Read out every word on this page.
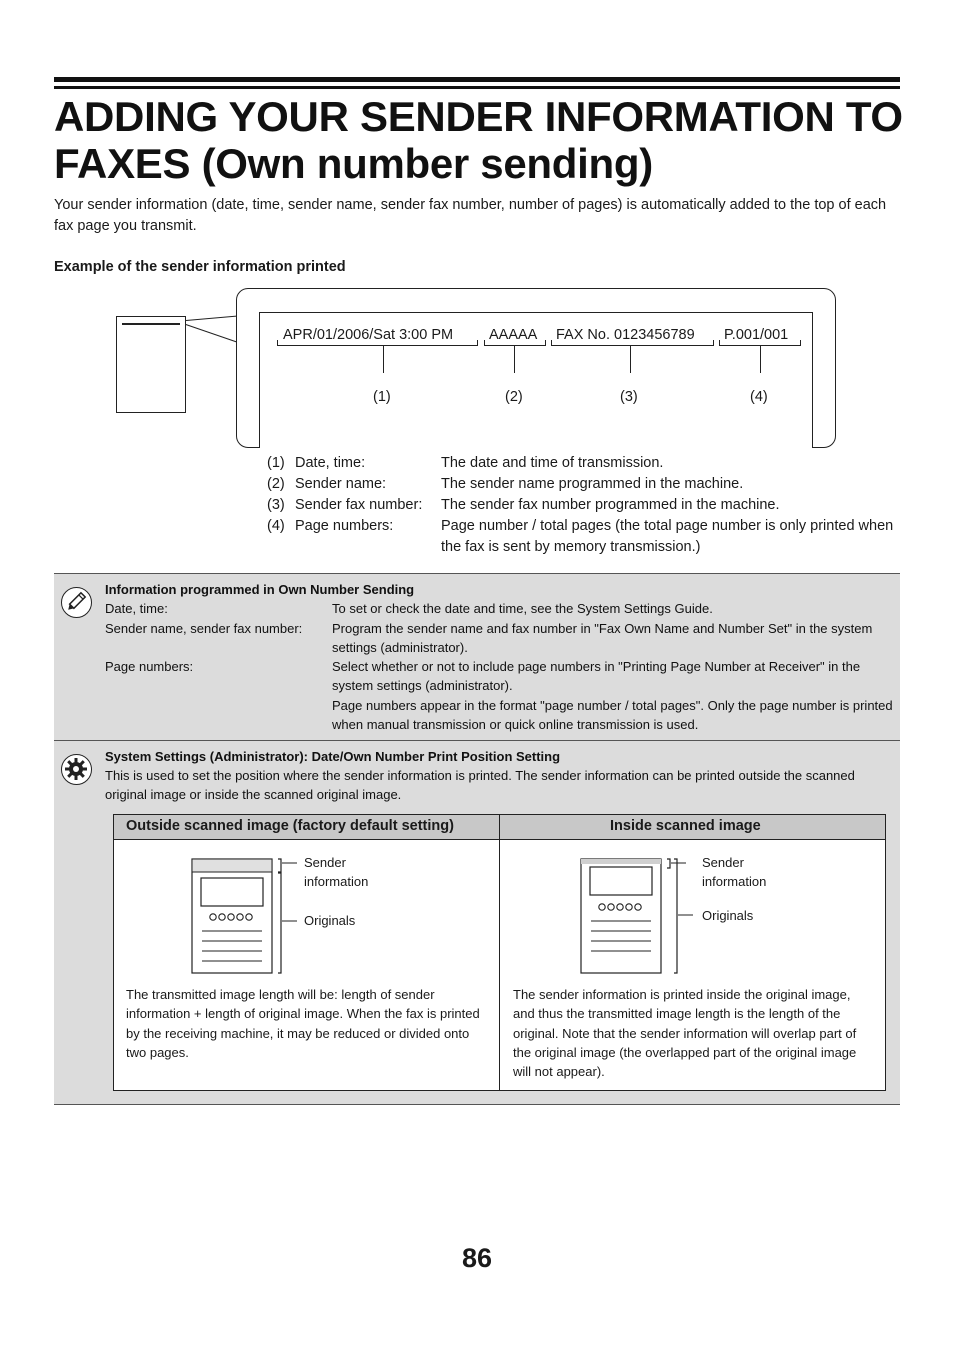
ADDING YOUR SENDER INFORMATION TO
FAXES (Own number sending)

Your sender information (date, time, sender name, sender fax number, number of pages) is automatically added to the top of each fax page you transmit.

Example of the sender information printed
APR/01/2006/Sat 3:00 PM AAAAA FAX No. 0123456789 P.001/001
(1)	(2)	(3)	(4)
(1) Date, time:	The date and time of transmission.
(2) Sender name:	The sender name programmed in the machine.
(3) Sender fax number: The sender fax number programmed in the machine.
(4) Page numbers:	Page number / total pages (the total page number is only printed when the fax is sent by memory transmission.)
Information programmed in Own Number Sending
Date, time:	To set or check the date and time, see the System Settings Guide.
Sender name, sender fax number: Program the sender name and fax number in "Fax Own Name and Number Set" in the system settings (administrator).
Page numbers:	Select whether or not to include page numbers in "Printing Page Number at Receiver" in the system settings (administrator).
Page numbers appear in the format "page number / total pages". Only the page number is printed when manual transmission or quick online transmission is used.
System Settings (Administrator): Date/Own Number Print Position Setting
This is used to set the position where the sender information is printed. The sender information can be printed outside the scanned original image or inside the scanned original image.
Outside scanned image (factory default setting)	Inside scanned image
Sender
information
Originals
The transmitted image length will be: length of sender information + length of original image. When the fax is printed by the receiving machine, it may be reduced or divided onto two pages.
Sender
information
Originals
The sender information is printed inside the original image, and thus the transmitted image length is the length of the original. Note that the sender information will overlap part of the original image (the overlapped part of the original image will not appear).
86
